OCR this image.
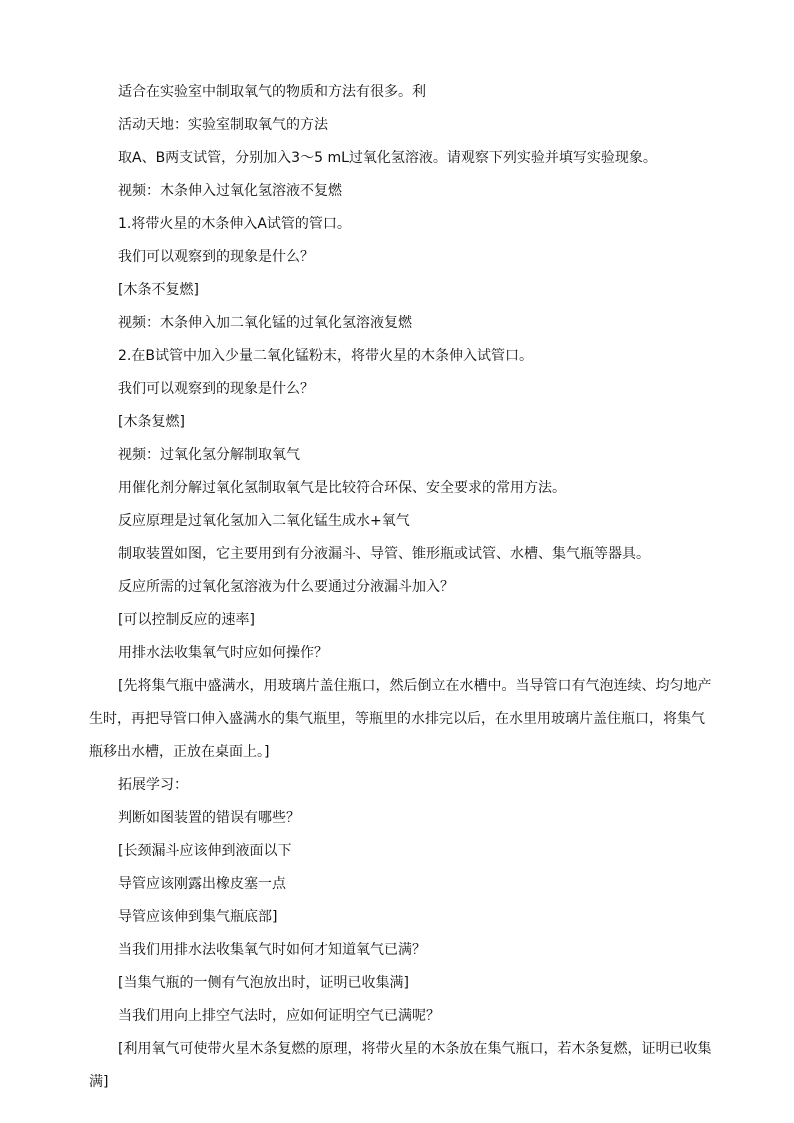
适合在实验室中制取氧气的物质和方法有很多。利

活动天地：实验室制取氧气的方法

取A、B两支试管，分别加入3～5 mL过氧化氢溶液。请观察下列实验并填写实验现象。

视频：木条伸入过氧化氢溶液不复燃

1.将带火星的木条伸入A试管的管口。

我们可以观察到的现象是什么？

[木条不复燃]

视频：木条伸入加二氧化锰的过氧化氢溶液复燃

2.在B试管中加入少量二氧化锰粉末，将带火星的木条伸入试管口。

我们可以观察到的现象是什么？

[木条复燃]

视频：过氧化氢分解制取氧气

用催化剂分解过氧化氢制取氧气是比较符合环保、安全要求的常用方法。

反应原理是过氧化氢加入二氧化锰生成水+氧气

制取装置如图，它主要用到有分液漏斗、导管、锥形瓶或试管、水槽、集气瓶等器具。

反应所需的过氧化氢溶液为什么要通过分液漏斗加入？

[可以控制反应的速率]

用排水法收集氧气时应如何操作？

[先将集气瓶中盛满水，用玻璃片盖住瓶口，然后倒立在水槽中。当导管口有气泡连续、均匀地产生时，再把导管口伸入盛满水的集气瓶里，等瓶里的水排完以后，在水里用玻璃片盖住瓶口，将集气瓶移出水槽，正放在桌面上。]

拓展学习：

判断如图装置的错误有哪些？

[长颈漏斗应该伸到液面以下

导管应该刚露出橡皮塞一点

导管应该伸到集气瓶底部]

当我们用排水法收集氧气时如何才知道氧气已满？

[当集气瓶的一侧有气泡放出时，证明已收集满]

当我们用向上排空气法时，应如何证明空气已满呢？

[利用氧气可使带火星木条复燃的原理，将带火星的木条放在集气瓶口，若木条复燃，证明已收集满]
